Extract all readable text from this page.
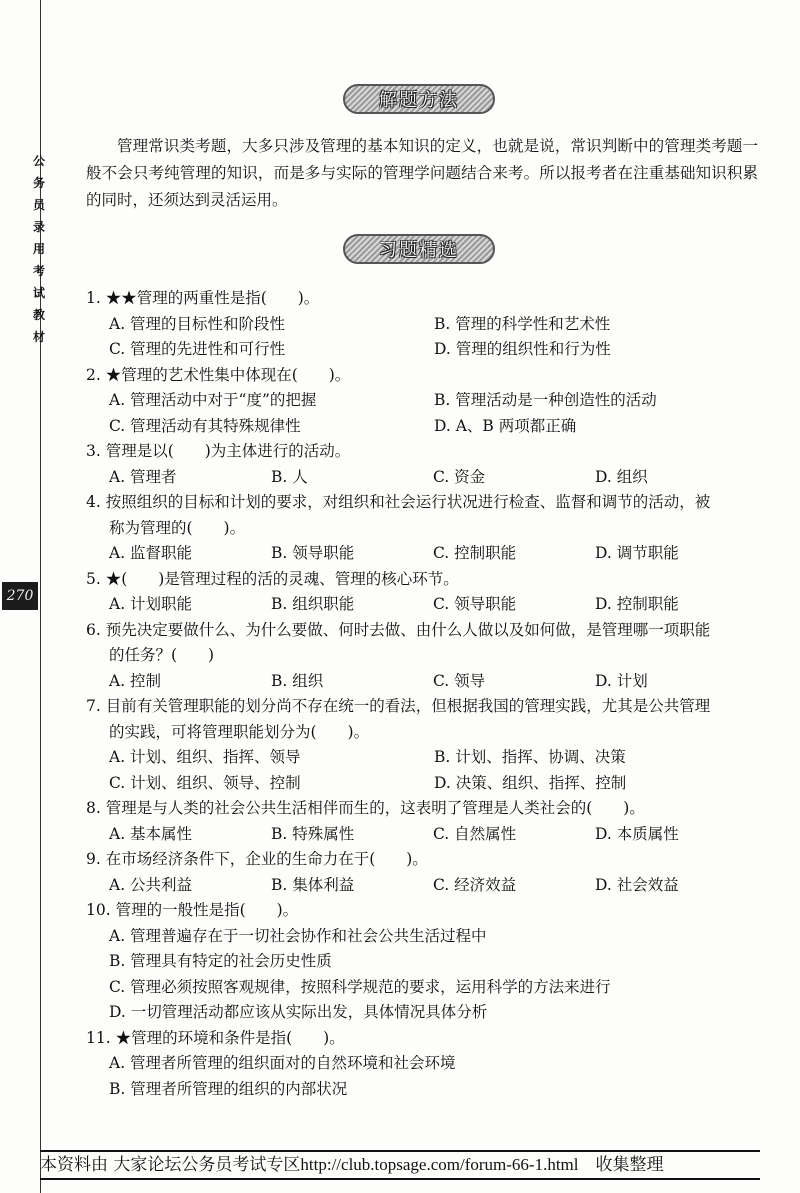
公
务
员
录
用
考
试
教
材
270
解题方法

管理常识类考题，大多只涉及管理的基本知识的定义，也就是说，常识判断中的管理类考题一般不会只考纯管理的知识，而是多与实际的管理学问题结合来考。所以报考者在注重基础知识积累的同时，还须达到灵活运用。

习题精选
1. ★★管理的两重性是指(　　)。
A. 管理的目标性和阶段性	B. 管理的科学性和艺术性
C. 管理的先进性和可行性	D. 管理的组织性和行为性
2. ★管理的艺术性集中体现在(　　)。
A. 管理活动中对于“度”的把握	B. 管理活动是一种创造性的活动
C. 管理活动有其特殊规律性	D. A、B 两项都正确
3. 管理是以(　　)为主体进行的活动。
A. 管理者	B. 人	C. 资金	D. 组织
4. 按照组织的目标和计划的要求，对组织和社会运行状况进行检查、监督和调节的活动，被
称为管理的(　　)。
A. 监督职能	B. 领导职能	C. 控制职能	D. 调节职能
5. ★(　　)是管理过程的活的灵魂、管理的核心环节。
A. 计划职能	B. 组织职能	C. 领导职能	D. 控制职能
6. 预先决定要做什么、为什么要做、何时去做、由什么人做以及如何做，是管理哪一项职能
的任务？(　　)
A. 控制	B. 组织	C. 领导	D. 计划
7. 目前有关管理职能的划分尚不存在统一的看法，但根据我国的管理实践，尤其是公共管理
的实践，可将管理职能划分为(　　)。
A. 计划、组织、指挥、领导	B. 计划、指挥、协调、决策
C. 计划、组织、领导、控制	D. 决策、组织、指挥、控制
8. 管理是与人类的社会公共生活相伴而生的，这表明了管理是人类社会的(　　)。
A. 基本属性	B. 特殊属性	C. 自然属性	D. 本质属性
9. 在市场经济条件下，企业的生命力在于(　　)。
A. 公共利益	B. 集体利益	C. 经济效益	D. 社会效益
10. 管理的一般性是指(　　)。
A. 管理普遍存在于一切社会协作和社会公共生活过程中
B. 管理具有特定的社会历史性质
C. 管理必须按照客观规律，按照科学规范的要求，运用科学的方法来进行
D. 一切管理活动都应该从实际出发，具体情况具体分析
11. ★管理的环境和条件是指(　　)。
A. 管理者所管理的组织面对的自然环境和社会环境
B. 管理者所管理的组织的内部状况
本资料由 大家论坛公务员考试专区http://club.topsage.com/forum-66-1.html　收集整理
